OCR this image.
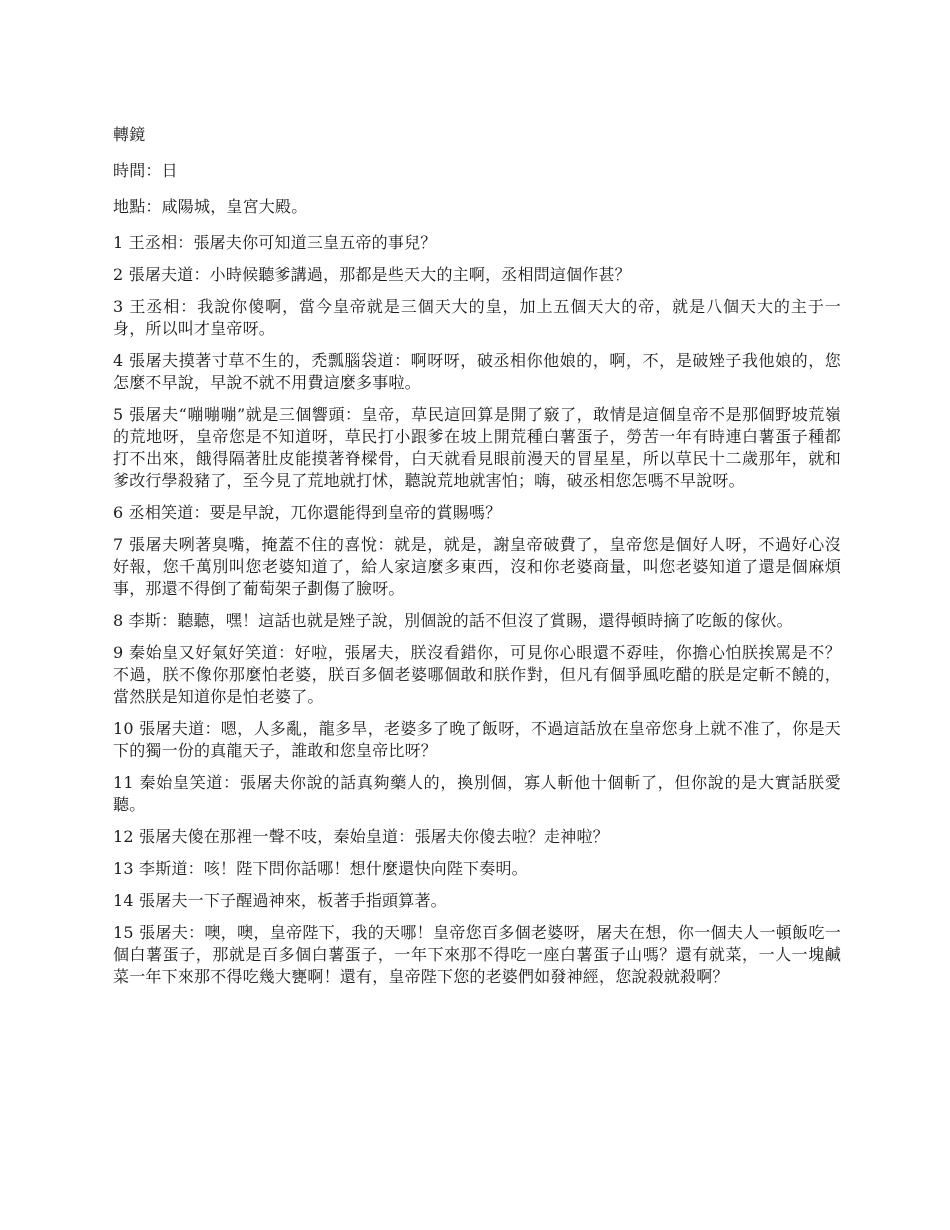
轉鏡

時間：日

地點：咸陽城，皇宮大殿。

1 王丞相：張屠夫你可知道三皇五帝的事兒？

2 張屠夫道：小時候聽爹講過，那都是些天大的主啊，丞相問這個作甚？

3 王丞相：我說你傻啊，當今皇帝就是三個天大的皇，加上五個天大的帝，就是八個天大的主于一身，所以叫才皇帝呀。

4 張屠夫摸著寸草不生的，禿瓢腦袋道：啊呀呀，破丞相你他娘的，啊，不，是破矬子我他娘的，您怎麼不早說，早說不就不用費這麼多事啦。

5 張屠夫“嘣嘣嘣”就是三個響頭：皇帝，草民這回算是開了竅了，敢情是這個皇帝不是那個野坡荒嶺的荒地呀，皇帝您是不知道呀，草民打小跟爹在坡上開荒種白薯蛋子，勞苦一年有時連白薯蛋子種都打不出來，餓得隔著肚皮能摸著脊樑骨，白天就看見眼前漫天的冒星星，所以草民十二歲那年，就和爹改行學殺豬了，至今見了荒地就打怵，聽說荒地就害怕；嗨，破丞相您怎嗎不早說呀。

6 丞相笑道：要是早說，兀你還能得到皇帝的賞賜嗎？

7 張屠夫咧著臭嘴，掩蓋不住的喜悅：就是，就是，謝皇帝破費了，皇帝您是個好人呀，不過好心沒好報，您千萬別叫您老婆知道了，給人家這麼多東西，沒和你老婆商量，叫您老婆知道了還是個麻煩事，那還不得倒了葡萄架子劃傷了臉呀。

8 李斯：聽聽，嘿！這話也就是矬子說，別個說的話不但沒了賞賜，還得頓時摘了吃飯的傢伙。

9 秦始皇又好氣好笑道：好啦，張屠夫，朕沒看錯你，可見你心眼還不孬哇，你擔心怕朕挨罵是不？不過，朕不像你那麼怕老婆，朕百多個老婆哪個敢和朕作對，但凡有個爭風吃醋的朕是定斬不饒的，當然朕是知道你是怕老婆了。

10 張屠夫道：嗯，人多亂，龍多旱，老婆多了晚了飯呀，不過這話放在皇帝您身上就不准了，你是天下的獨一份的真龍天子，誰敢和您皇帝比呀？

11 秦始皇笑道：張屠夫你說的話真夠藥人的，換別個，寡人斬他十個斬了，但你說的是大實話朕愛聽。

12 張屠夫傻在那裡一聲不吱，秦始皇道：張屠夫你傻去啦？走神啦？

13 李斯道：咳！陛下問你話哪！想什麼還快向陛下奏明。

14 張屠夫一下子醒過神來，板著手指頭算著。

15 張屠夫：噢，噢，皇帝陛下，我的天哪！皇帝您百多個老婆呀，屠夫在想，你一個夫人一頓飯吃一個白薯蛋子，那就是百多個白薯蛋子，一年下來那不得吃一座白薯蛋子山嗎？還有就菜，一人一塊鹹菜一年下來那不得吃幾大甕啊！還有，皇帝陛下您的老婆們如發神經，您說殺就殺啊？
